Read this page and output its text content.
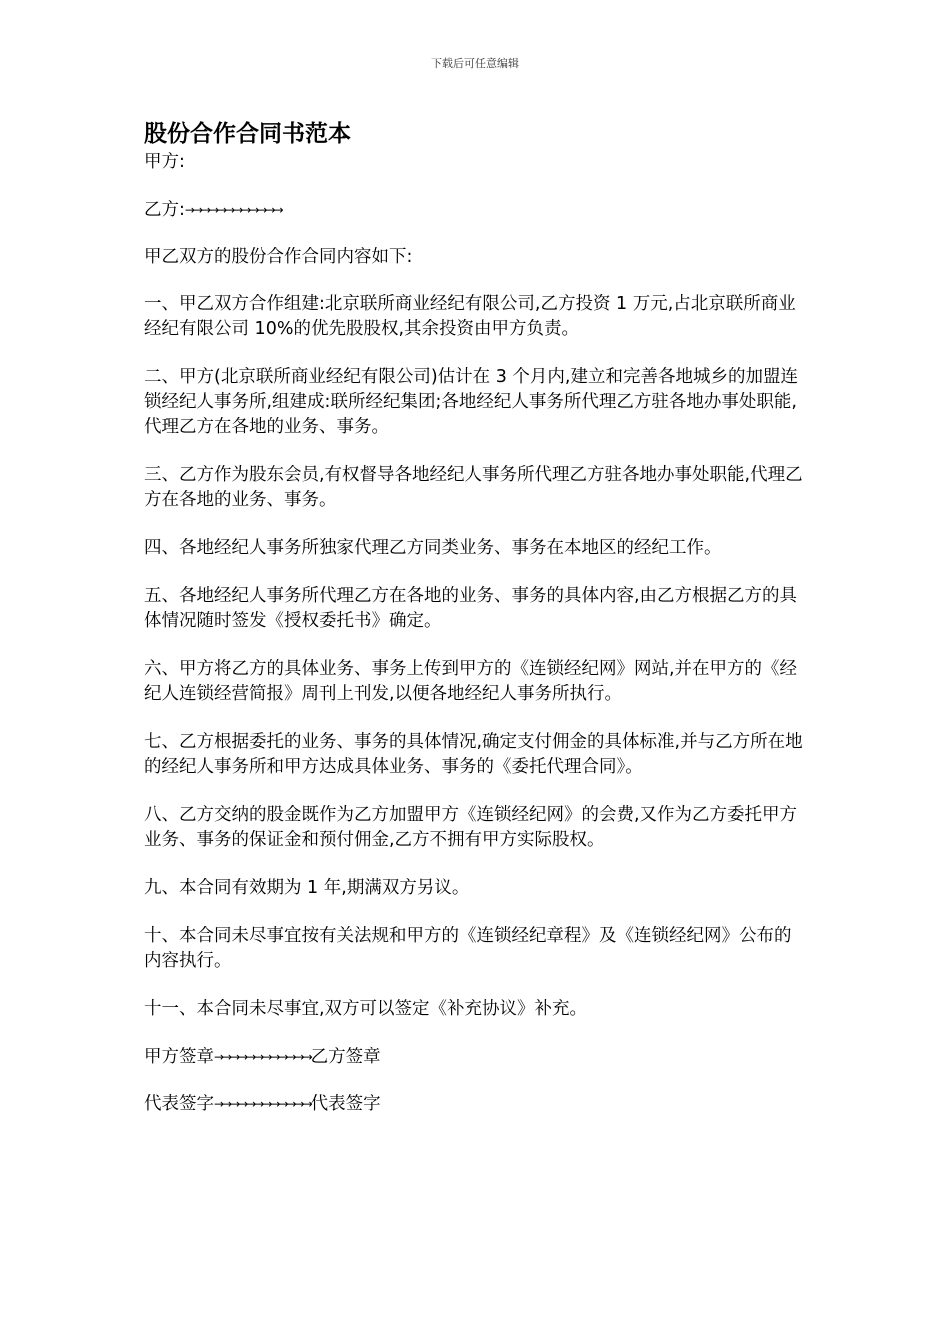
下载后可任意编辑
股份合作合同书范本

甲方:

乙方:→→→→→→→→→→→→

甲乙双方的股份合作合同内容如下:

一、甲乙双方合作组建:北京联所商业经纪有限公司,乙方投资 1 万元,占北京联所商业经纪有限公司 10%的优先股股权,其余投资由甲方负责。

二、甲方(北京联所商业经纪有限公司)估计在 3 个月内,建立和完善各地城乡的加盟连锁经纪人事务所,组建成:联所经纪集团;各地经纪人事务所代理乙方驻各地办事处职能,代理乙方在各地的业务、事务。

三、乙方作为股东会员,有权督导各地经纪人事务所代理乙方驻各地办事处职能,代理乙方在各地的业务、事务。

四、各地经纪人事务所独家代理乙方同类业务、事务在本地区的经纪工作。

五、各地经纪人事务所代理乙方在各地的业务、事务的具体内容,由乙方根据乙方的具体情况随时签发《授权委托书》确定。

六、甲方将乙方的具体业务、事务上传到甲方的《连锁经纪网》网站,并在甲方的《经纪人连锁经营简报》周刊上刊发,以便各地经纪人事务所执行。

七、乙方根据委托的业务、事务的具体情况,确定支付佣金的具体标准,并与乙方所在地的经纪人事务所和甲方达成具体业务、事务的《委托代理合同》。

八、乙方交纳的股金既作为乙方加盟甲方《连锁经纪网》的会费,又作为乙方委托甲方业务、事务的保证金和预付佣金,乙方不拥有甲方实际股权。

九、本合同有效期为 1 年,期满双方另议。

十、本合同未尽事宜按有关法规和甲方的《连锁经纪章程》及《连锁经纪网》公布的内容执行。

十一、本合同未尽事宜,双方可以签定《补充协议》补充。

甲方签章→→→→→→→→→→→→乙方签章

代表签字→→→→→→→→→→→→代表签字
